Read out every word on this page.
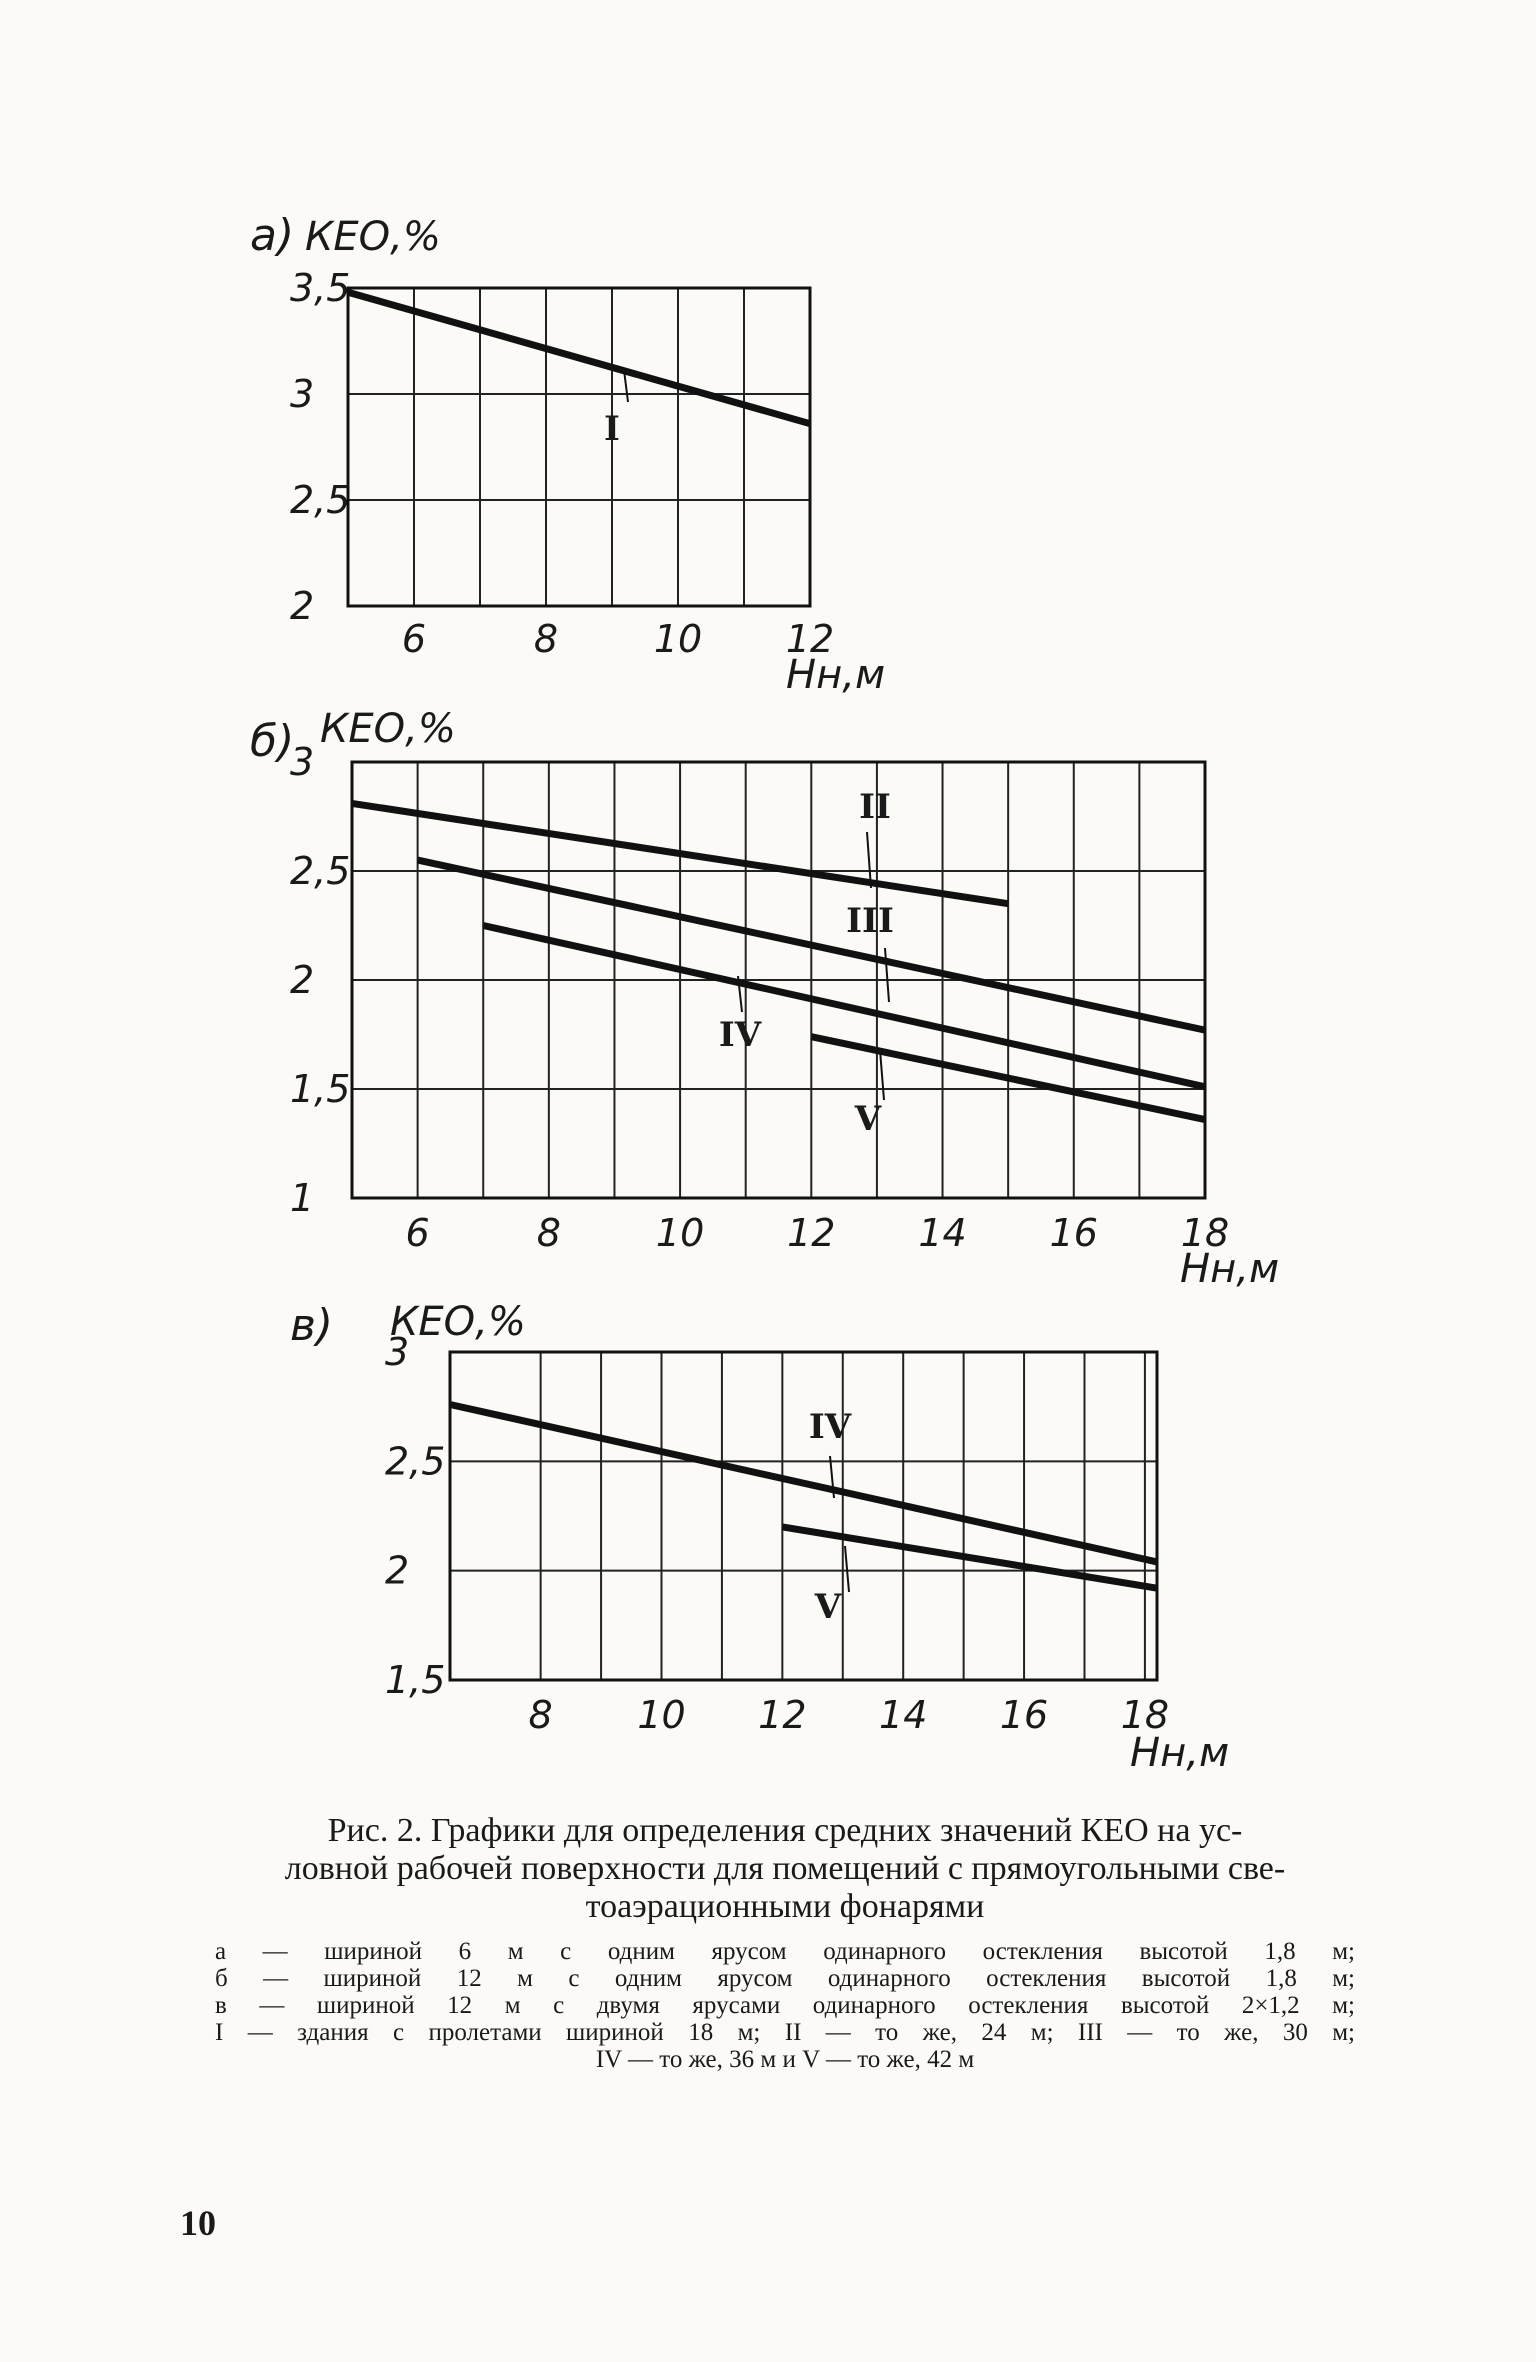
6	8	10 12
2
2,5
3
3,5
а) КЕО,%
Hн,м
I
6	8 10 12 14 16 18
1
1,5
2
2,5
3
б) КЕО,%
Hн,м
II
III
IV
V
8 10 12 14 16 18
1,5
2
2,5
3
в) КЕО,%
Hн,м
IV
V
Рис. 2. Графики для определения средних значений КЕО на ус-
ловной рабочей поверхности для помещений с прямоугольными све-
тоаэрационными фонарями
а — шириной 6 м с одним ярусом одинарного остекления высотой 1,8 м;
б — шириной 12 м с одним ярусом одинарного остекления высотой 1,8 м;
в — шириной 12 м с двумя ярусами одинарного остекления высотой 2×1,2 м;
I — здания с пролетами шириной 18 м; II — то же, 24 м; III — то же, 30 м;
IV — то же, 36 м и V — то же, 42 м
10
